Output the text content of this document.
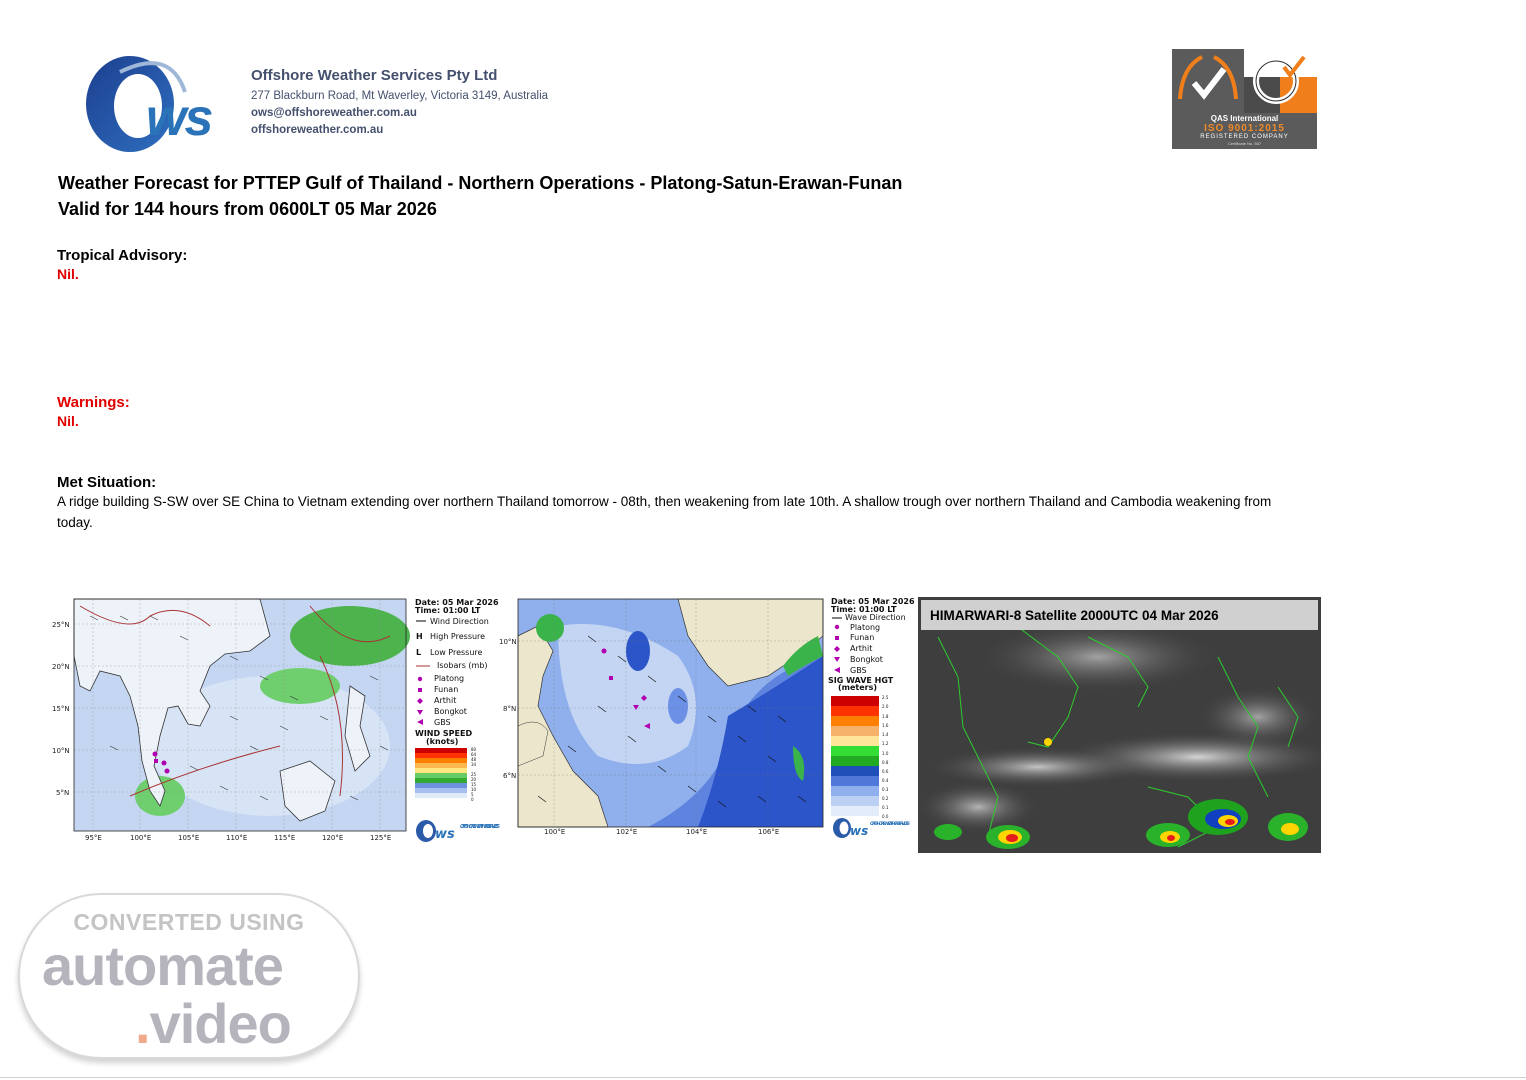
ws
Offshore Weather Services Pty Ltd
277 Blackburn Road, Mt Waverley, Victoria 3149, Australia
ows@offshoreweather.com.au
offshoreweather.com.au
QAS International
ISO 9001:2015
REGISTERED COMPANY
Certificate No. 557
Weather Forecast for PTTEP Gulf of Thailand - Northern Operations - Platong-Satun-Erawan-Funan
Valid for 144 hours from 0600LT 05 Mar 2026
Tropical Advisory:
Nil.
Warnings:
Nil.
Met Situation:
A ridge building S-SW over SE China to Vietnam extending over northern Thailand tomorrow - 08th, then weakening from late 10th. A shallow trough over northern Thailand and Cambodia weakening from today.
25°N
20°N
15°N
10°N
5°N
95°E	100°E	105°E	110°E	115°E	120°E	125°E
Date: 05 Mar 2026
Time: 01:00 LT
Wind Direction
H High Pressure
L Low Pressure
Isobars (mb)
Platong
Funan
Arthit
Bongkot
GBS
WIND SPEED
(knots)
80
64
48
34
25
20
15
10
5
0
ws OFFSHORE WEATHER SERVICES
10°N
8°N
6°N
100°E	102°E	104°E	106°E
Date: 05 Mar 2026
Time: 01:00 LT
Wave Direction
Platong
Funan
Arthit
Bongkot
GBS
SIG WAVE HGT
(meters)
2.5
2.0
1.8
1.6
1.4
1.2
1.0
0.8
0.6
0.4
0.3
0.2
0.1
0.0
ws OFFSHORE WEATHER SERVICES
HIMARWARI-8 Satellite 2000UTC 04 Mar 2026
CONVERTED USING
automate
.video
